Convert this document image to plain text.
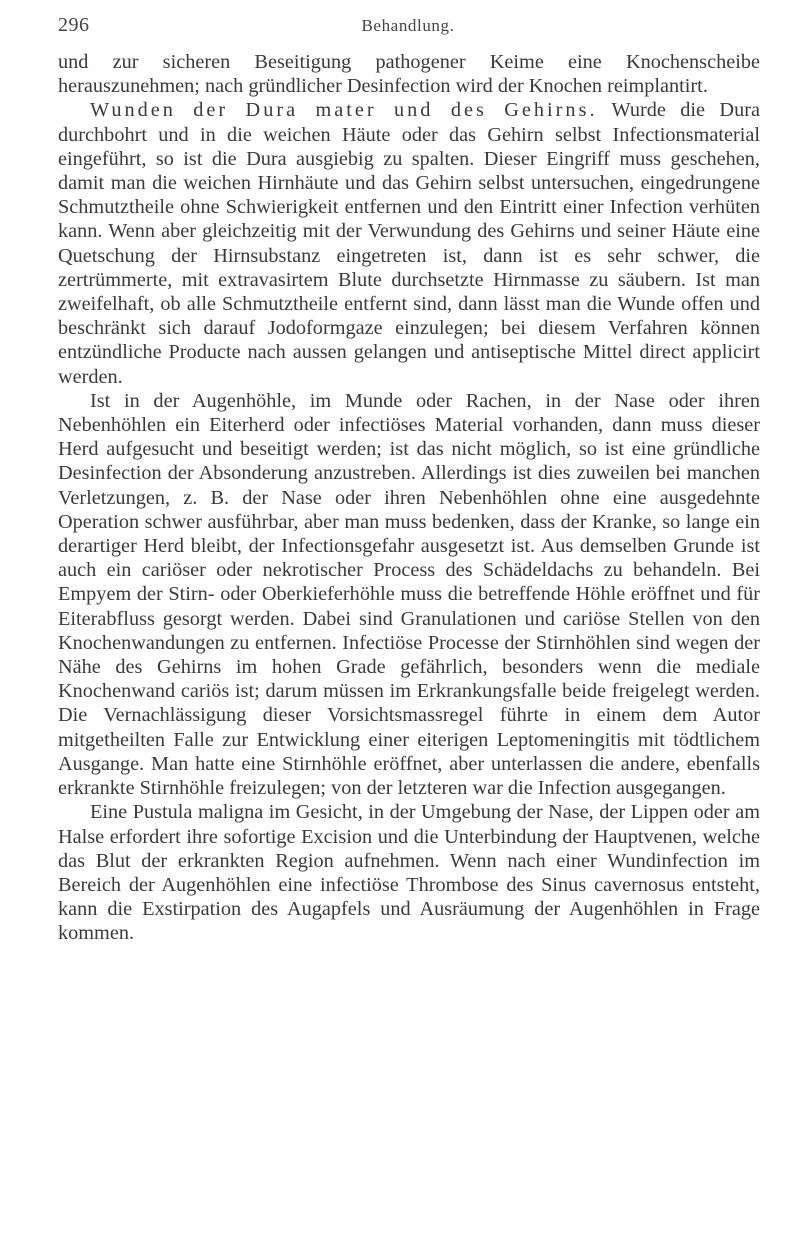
296	Behandlung.

und zur sicheren Beseitigung pathogener Keime eine Knochenscheibe herauszunehmen; nach gründlicher Desinfection wird der Knochen reimplantirt.

Wunden der Dura mater und des Gehirns. Wurde die Dura durchbohrt und in die weichen Häute oder das Gehirn selbst Infectionsmaterial eingeführt, so ist die Dura ausgiebig zu spalten. Dieser Eingriff muss geschehen, damit man die weichen Hirnhäute und das Gehirn selbst untersuchen, eingedrungene Schmutztheile ohne Schwierigkeit entfernen und den Eintritt einer Infection verhüten kann. Wenn aber gleichzeitig mit der Verwundung des Gehirns und seiner Häute eine Quetschung der Hirnsubstanz eingetreten ist, dann ist es sehr schwer, die zertrümmerte, mit extravasirtem Blute durchsetzte Hirnmasse zu säubern. Ist man zweifelhaft, ob alle Schmutztheile entfernt sind, dann lässt man die Wunde offen und beschränkt sich darauf Jodoformgaze einzulegen; bei diesem Verfahren können entzündliche Producte nach aussen gelangen und antiseptische Mittel direct applicirt werden.

Ist in der Augenhöhle, im Munde oder Rachen, in der Nase oder ihren Nebenhöhlen ein Eiterherd oder infectiöses Material vorhanden, dann muss dieser Herd aufgesucht und beseitigt werden; ist das nicht möglich, so ist eine gründliche Desinfection der Absonderung anzustreben. Allerdings ist dies zuweilen bei manchen Verletzungen, z. B. der Nase oder ihren Nebenhöhlen ohne eine ausgedehnte Operation schwer ausführbar, aber man muss bedenken, dass der Kranke, so lange ein derartiger Herd bleibt, der Infectionsgefahr ausgesetzt ist. Aus demselben Grunde ist auch ein cariöser oder nekrotischer Process des Schädeldachs zu behandeln. Bei Empyem der Stirn- oder Oberkieferhöhle muss die betreffende Höhle eröffnet und für Eiterabfluss gesorgt werden. Dabei sind Granulationen und cariöse Stellen von den Knochenwandungen zu entfernen. Infectiöse Processe der Stirnhöhlen sind wegen der Nähe des Gehirns im hohen Grade gefährlich, besonders wenn die mediale Knochenwand cariös ist; darum müssen im Erkrankungsfalle beide freigelegt werden. Die Vernachlässigung dieser Vorsichtsmassregel führte in einem dem Autor mitgetheilten Falle zur Entwicklung einer eiterigen Leptomeningitis mit tödtlichem Ausgange. Man hatte eine Stirnhöhle eröffnet, aber unterlassen die andere, ebenfalls erkrankte Stirnhöhle freizulegen; von der letzteren war die Infection ausgegangen.

Eine Pustula maligna im Gesicht, in der Umgebung der Nase, der Lippen oder am Halse erfordert ihre sofortige Excision und die Unterbindung der Hauptvenen, welche das Blut der erkrankten Region aufnehmen. Wenn nach einer Wundinfection im Bereich der Augenhöhlen eine infectiöse Thrombose des Sinus cavernosus entsteht, kann die Exstirpation des Augapfels und Ausräumung der Augenhöhlen in Frage kommen.
